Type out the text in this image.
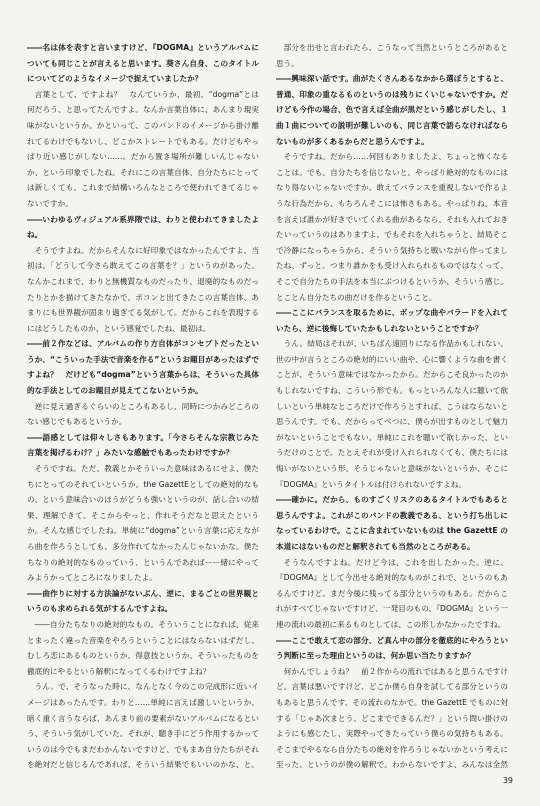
――名は体を表すと言いますけど、『DOGMA』というアルバムについても同じことが言えると思います。葵さん自身、このタイトルについてどのようなイメージで捉えていましたか？

言葉として、ですよね？　なんていうか、最初、“dogma”とは何だろう、と思ってたんですよ。なんか言葉自体に、あんまり現実味がないというか。かといって、このバンドのイメージから掛け離れてるわけでもないし、どこかストレートでもある。だけどもやっぱり近い感じがしない……。だから置き場所が難しいんじゃないか、という印象でしたね。それにこの言葉自体、自分たちにとっては新しくても、これまで結構いろんなところで使われてきてるじゃないですか。

――いわゆるヴィジュアル系界隈では、わりと使われてきましたよね。

そうですよね。だからそんなに好印象ではなかったんですよ、当初は。「どうして今さら敢えてこの言葉を？」というのがあった。なんかこれまで、わりと無機質なものだったり、退廃的なものだったりとかを描けてきたなかで、ポコンと出てきたこの言葉自体、あまりにも世界観が固まり過ぎてる気がして。だからこれを表現するにはどうしたものか、という感覚でしたね、最初は。

――前２作などは、アルバムの作り方自体がコンセプトだったというか、“こういった手法で音楽を作る”というお題目があったはずですよね？　だけども“dogma”という言葉からは、そういった具体的な手法としてのお題目が見えてこないというか。

逆に見え過ぎるぐらいのところもあるし、同時につかみどころのない感じでもあるというか。

――語感としては仰々しさもあります。「今さらそんな宗教じみた言葉を掲げるわけ？」みたいな感触でもあったわけですか？

そうですね。ただ、教義とかそういった意味はあるにせよ、僕たちにとってのそれていというか。the GazettEとしての絶対的なもの、という意味合いのほうがどうも強いというのが、話し合いの結果、理解できて。そこからやっと、作れそうだなと思えたというか。そんな感じでしたね。単純に“dogma”という言葉に応えながら曲を作ろうとしても、多分作れてなかったんじゃないかな。僕たちなりの絶対的なものっていう、というんであればーー緒にやってみようかってところになりましたよ。

――曲作りに対する方法論がないぶん、逆に、まるごとの世界観というのも求められる気がするんですよね。

――自分たちなりの絶対的なもの。そういうことになれば、従来とまったく違った音楽をやろうということにはならないはずだし、むしろ恋にあるものというか、得意技というか、そういったものを徹底的にやるという解釈になってくるわけですよね？

うん。で、そうなった時に、なんとなく今のこの完成形に近いイメージはあったんです。わりと……単純に言えば激しいというか、暗く重く言うならば、あんまり前の要素がないアルバムになるという、そういう気がしていた。それが、聴き手にどう作用するかっていうのは今でもまだわかんないですけど、でもまあ自分たちがそれを絶対だと信じるんであれば、そういう結果でもいいのかな、と。

部分を出せと言われたら、こうなって当然というところがあると思う。

――興味深い話です。曲がたくさんあるなかから選ぼうとすると、普通、印象の重なるものというのは残りにくいじゃないですか。だけども今作の場合、色で言えば全曲が黒だという感じがしたし、１曲１曲についての説明が難しいのも、同じ言葉で語らなければならないものが多くあるからだと思うんですよ。

そうですね。だから……何回もありましたよ、ちょっと怖くなることは。でも、自分たちを信じないと、やっぱり絶対的なものにはなり得ないじゃないですか。敢えてバランスを重視しないで作るような行為だから、もちろんそこには怖さもある。やっぱりね、本音を言えば誰かが好きでいてくれる曲があるなら、それも入れておきたいっていうのはありますよ。でもそれを入れちゃうと、結局そこで冷静になっちゃうから、そういう気持ちと戦いながら作ってましたね、ずっと。つまり誰かをも受け入れられるものではなくって、そこで自分たちの手法を本当にぶつけるというか、そういう感じ。とことん自分たちの曲だけを作るということ。

――ここにバランスを取るために、ポップな曲やバラードを入れていたら、逆に後悔していたかもしれないということですか？

うん。結局はそれが、いちばん遠回りになる作品かもしれない。世の中が言うところの絶対的にいい曲や、心に響くような曲を書くことが、そういう意味ではなかったから。だからこそ良かったのかもしれないですね、こういう形でも。もっといろんな人に聴いて欲しいという単純なところだけで作ろうとすれば、こうはならないと思うんです。でも、だからってべつに、僕らが出すものとして魅力がないということでもない。単純にこれを聴いて欲しかった、というだけのことで。たとえそれが受け入れられなくても、僕たちには悔いがないという形。そうじゃないと意味がないというか、そこに『DOGMA』というタイトルは付けられないですよね。

――確かに。だから、ものすごくリスクのあるタイトルでもあると思うんですよ。これがこのバンドの教義である、という打ち出しになっているわけで。ここに含まれていないものは the GazettE の本道にはないものだと解釈されても当然のところがある。

そうなんですよね。だけど今は、これを出したかった。逆に、『DOGMA』として今出せる絶対的なものがこれで、というのもあるんですけど。まだ今後に残ってる部分というのもある。だからこれがすべてじゃないですけど、一発目のもの、『DOGMA』という一連の流れの最初に来るものとしては、この形しかなかったですね。

――ここで敢えて恋の部分、ど真ん中の部分を徹底的にやろうという判断に至った理由というのは、何か思い当たりますか？

何かんでしょうね？　前２作からの流れではあると思うんですけど。言葉は悪いですけど、どこか僕ら自身を試してる部分というのもあると思うんです、その流れのなかで。the GazettE でものに対する「じゃあ次まとう、どこまでできるんだ？」という問い掛けのようにも感じたし、実際やってきたっていう僕らの気持ちもある。そこまでやるなら自分たちの絶対を作ろうじゃないかという考えに至った、というのが僕の解釈で。わからないですよ、みんなは全然

39
